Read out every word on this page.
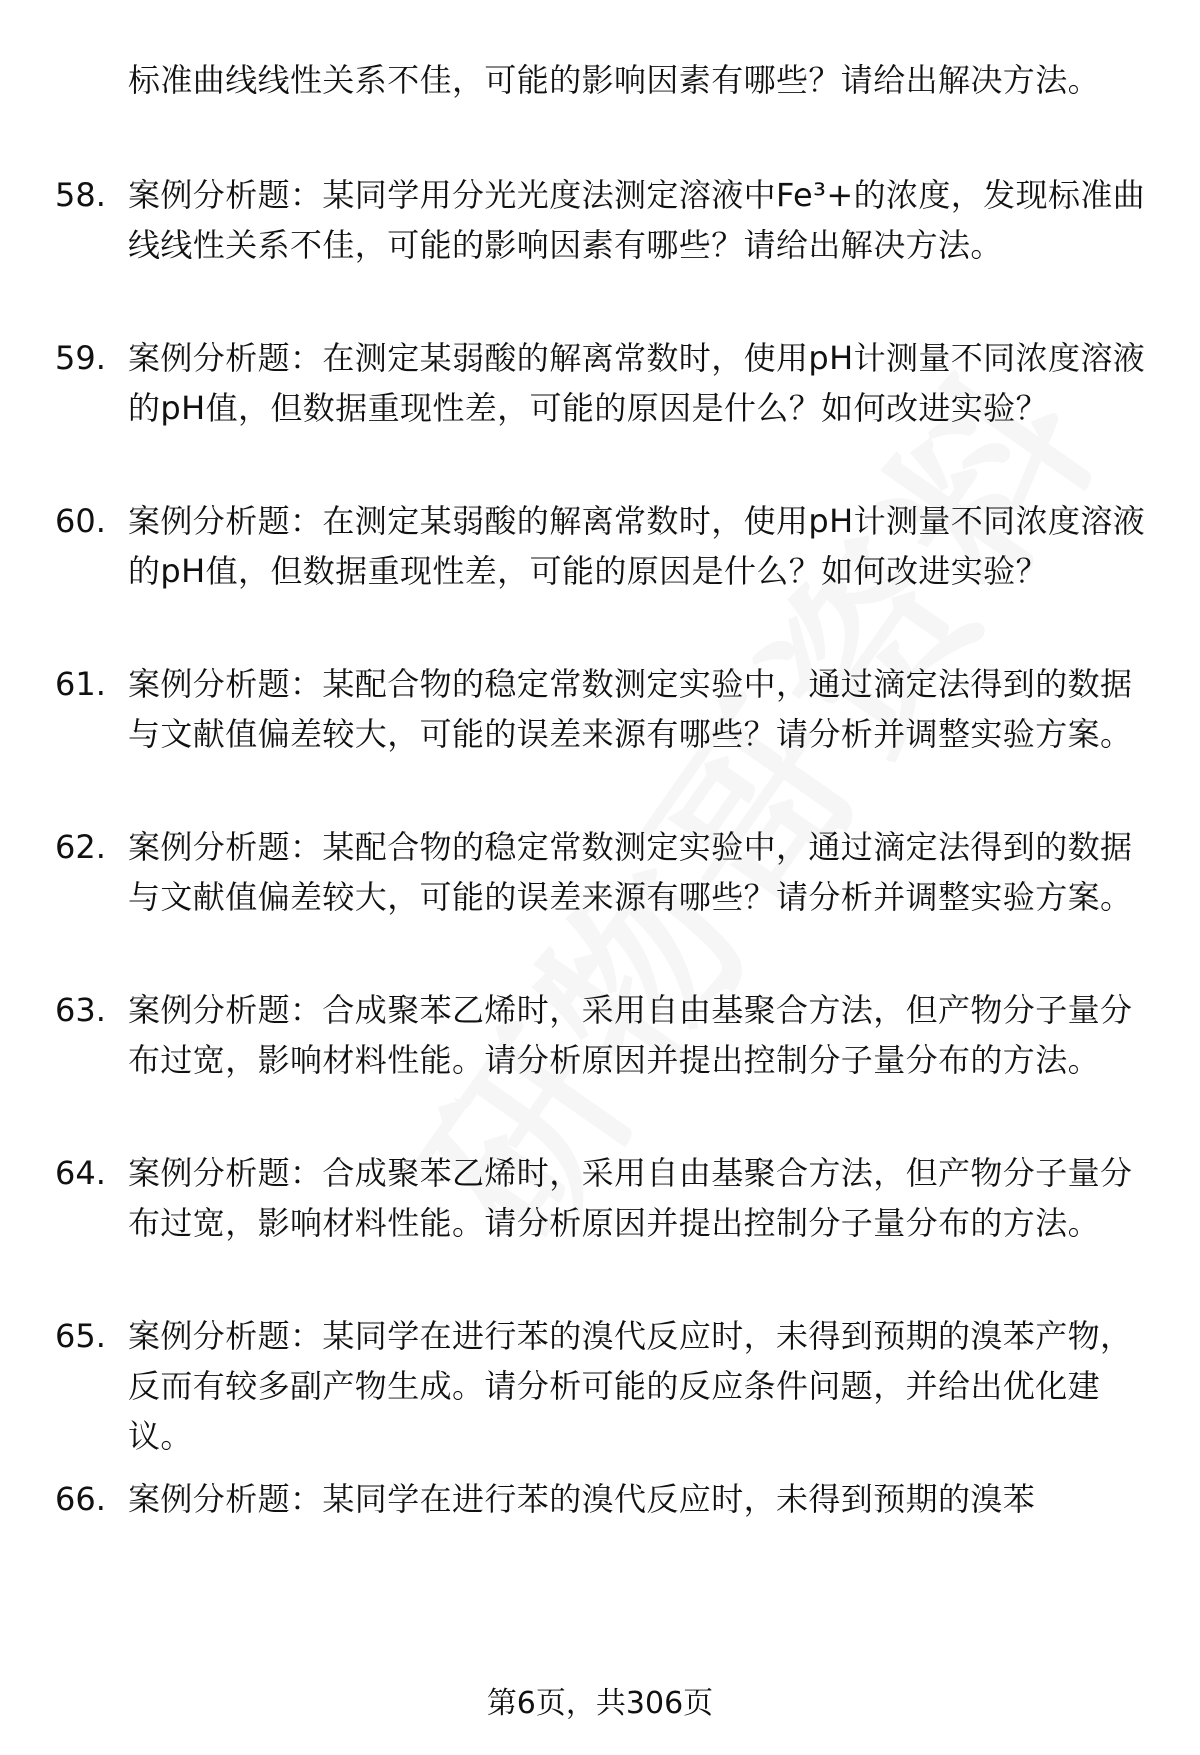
标准曲线线性关系不佳，可能的影响因素有哪些？请给出解决方法。
58. 案例分析题：某同学用分光光度法测定溶液中Fe³+的浓度，发现标准曲线线性关系不佳，可能的影响因素有哪些？请给出解决方法。
59. 案例分析题：在测定某弱酸的解离常数时，使用pH计测量不同浓度溶液的pH值，但数据重现性差，可能的原因是什么？如何改进实验？
60. 案例分析题：在测定某弱酸的解离常数时，使用pH计测量不同浓度溶液的pH值，但数据重现性差，可能的原因是什么？如何改进实验？
61. 案例分析题：某配合物的稳定常数测定实验中，通过滴定法得到的数据与文献值偏差较大，可能的误差来源有哪些？请分析并调整实验方案。
62. 案例分析题：某配合物的稳定常数测定实验中，通过滴定法得到的数据与文献值偏差较大，可能的误差来源有哪些？请分析并调整实验方案。
63. 案例分析题：合成聚苯乙烯时，采用自由基聚合方法，但产物分子量分布过宽，影响材料性能。请分析原因并提出控制分子量分布的方法。
64. 案例分析题：合成聚苯乙烯时，采用自由基聚合方法，但产物分子量分布过宽，影响材料性能。请分析原因并提出控制分子量分布的方法。
65. 案例分析题：某同学在进行苯的溴代反应时，未得到预期的溴苯产物，反而有较多副产物生成。请分析可能的反应条件问题，并给出优化建议。
66. 案例分析题：某同学在进行苯的溴代反应时，未得到预期的溴苯
第6页，共306页
